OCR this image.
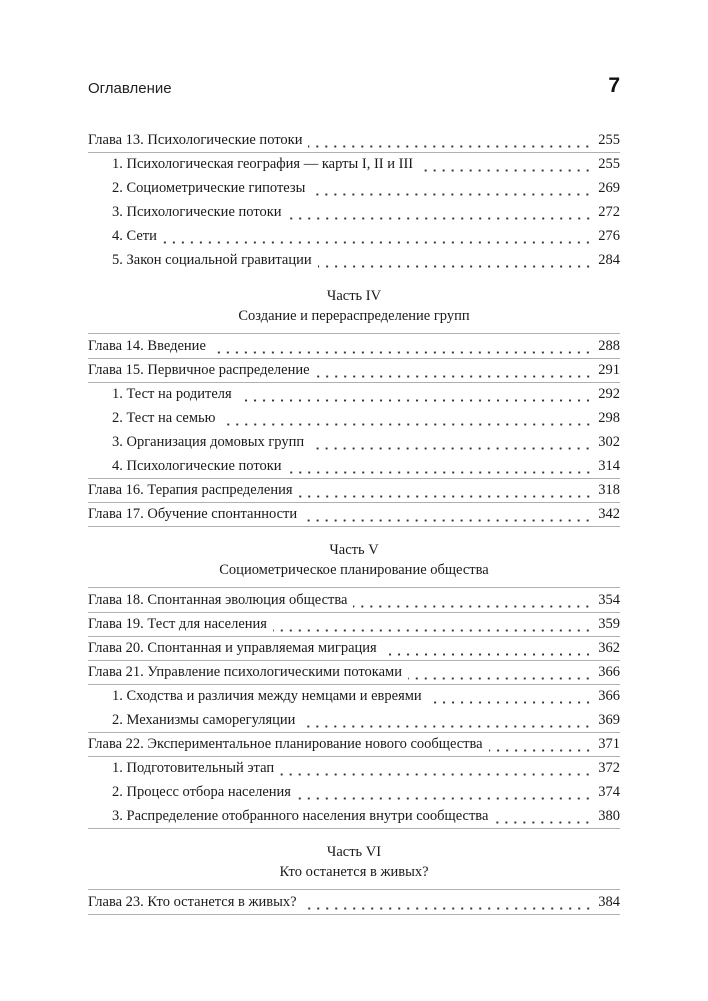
Оглавление	7
Глава 13. Психологические потоки	255
1. Психологическая география — карты I, II и III	255
2. Социометрические гипотезы	269
3. Психологические потоки	272
4. Сети	276
5. Закон социальной гравитации	284
Часть IV
Создание и перераспределение групп
Глава 14. Введение	288
Глава 15. Первичное распределение	291
1. Тест на родителя	292
2. Тест на семью	298
3. Организация домовых групп	302
4. Психологические потоки	314
Глава 16. Терапия распределения	318
Глава 17. Обучение спонтанности	342
Часть V
Социометрическое планирование общества
Глава 18. Спонтанная эволюция общества	354
Глава 19. Тест для населения	359
Глава 20. Спонтанная и управляемая миграция	362
Глава 21. Управление психологическими потоками	366
1. Сходства и различия между немцами и евреями	366
2. Механизмы саморегуляции	369
Глава 22. Экспериментальное планирование нового сообщества	371
1. Подготовительный этап	372
2. Процесс отбора населения	374
3. Распределение отобранного населения внутри сообщества	380
Часть VI
Кто останется в живых?
Глава 23. Кто останется в живых?	384
